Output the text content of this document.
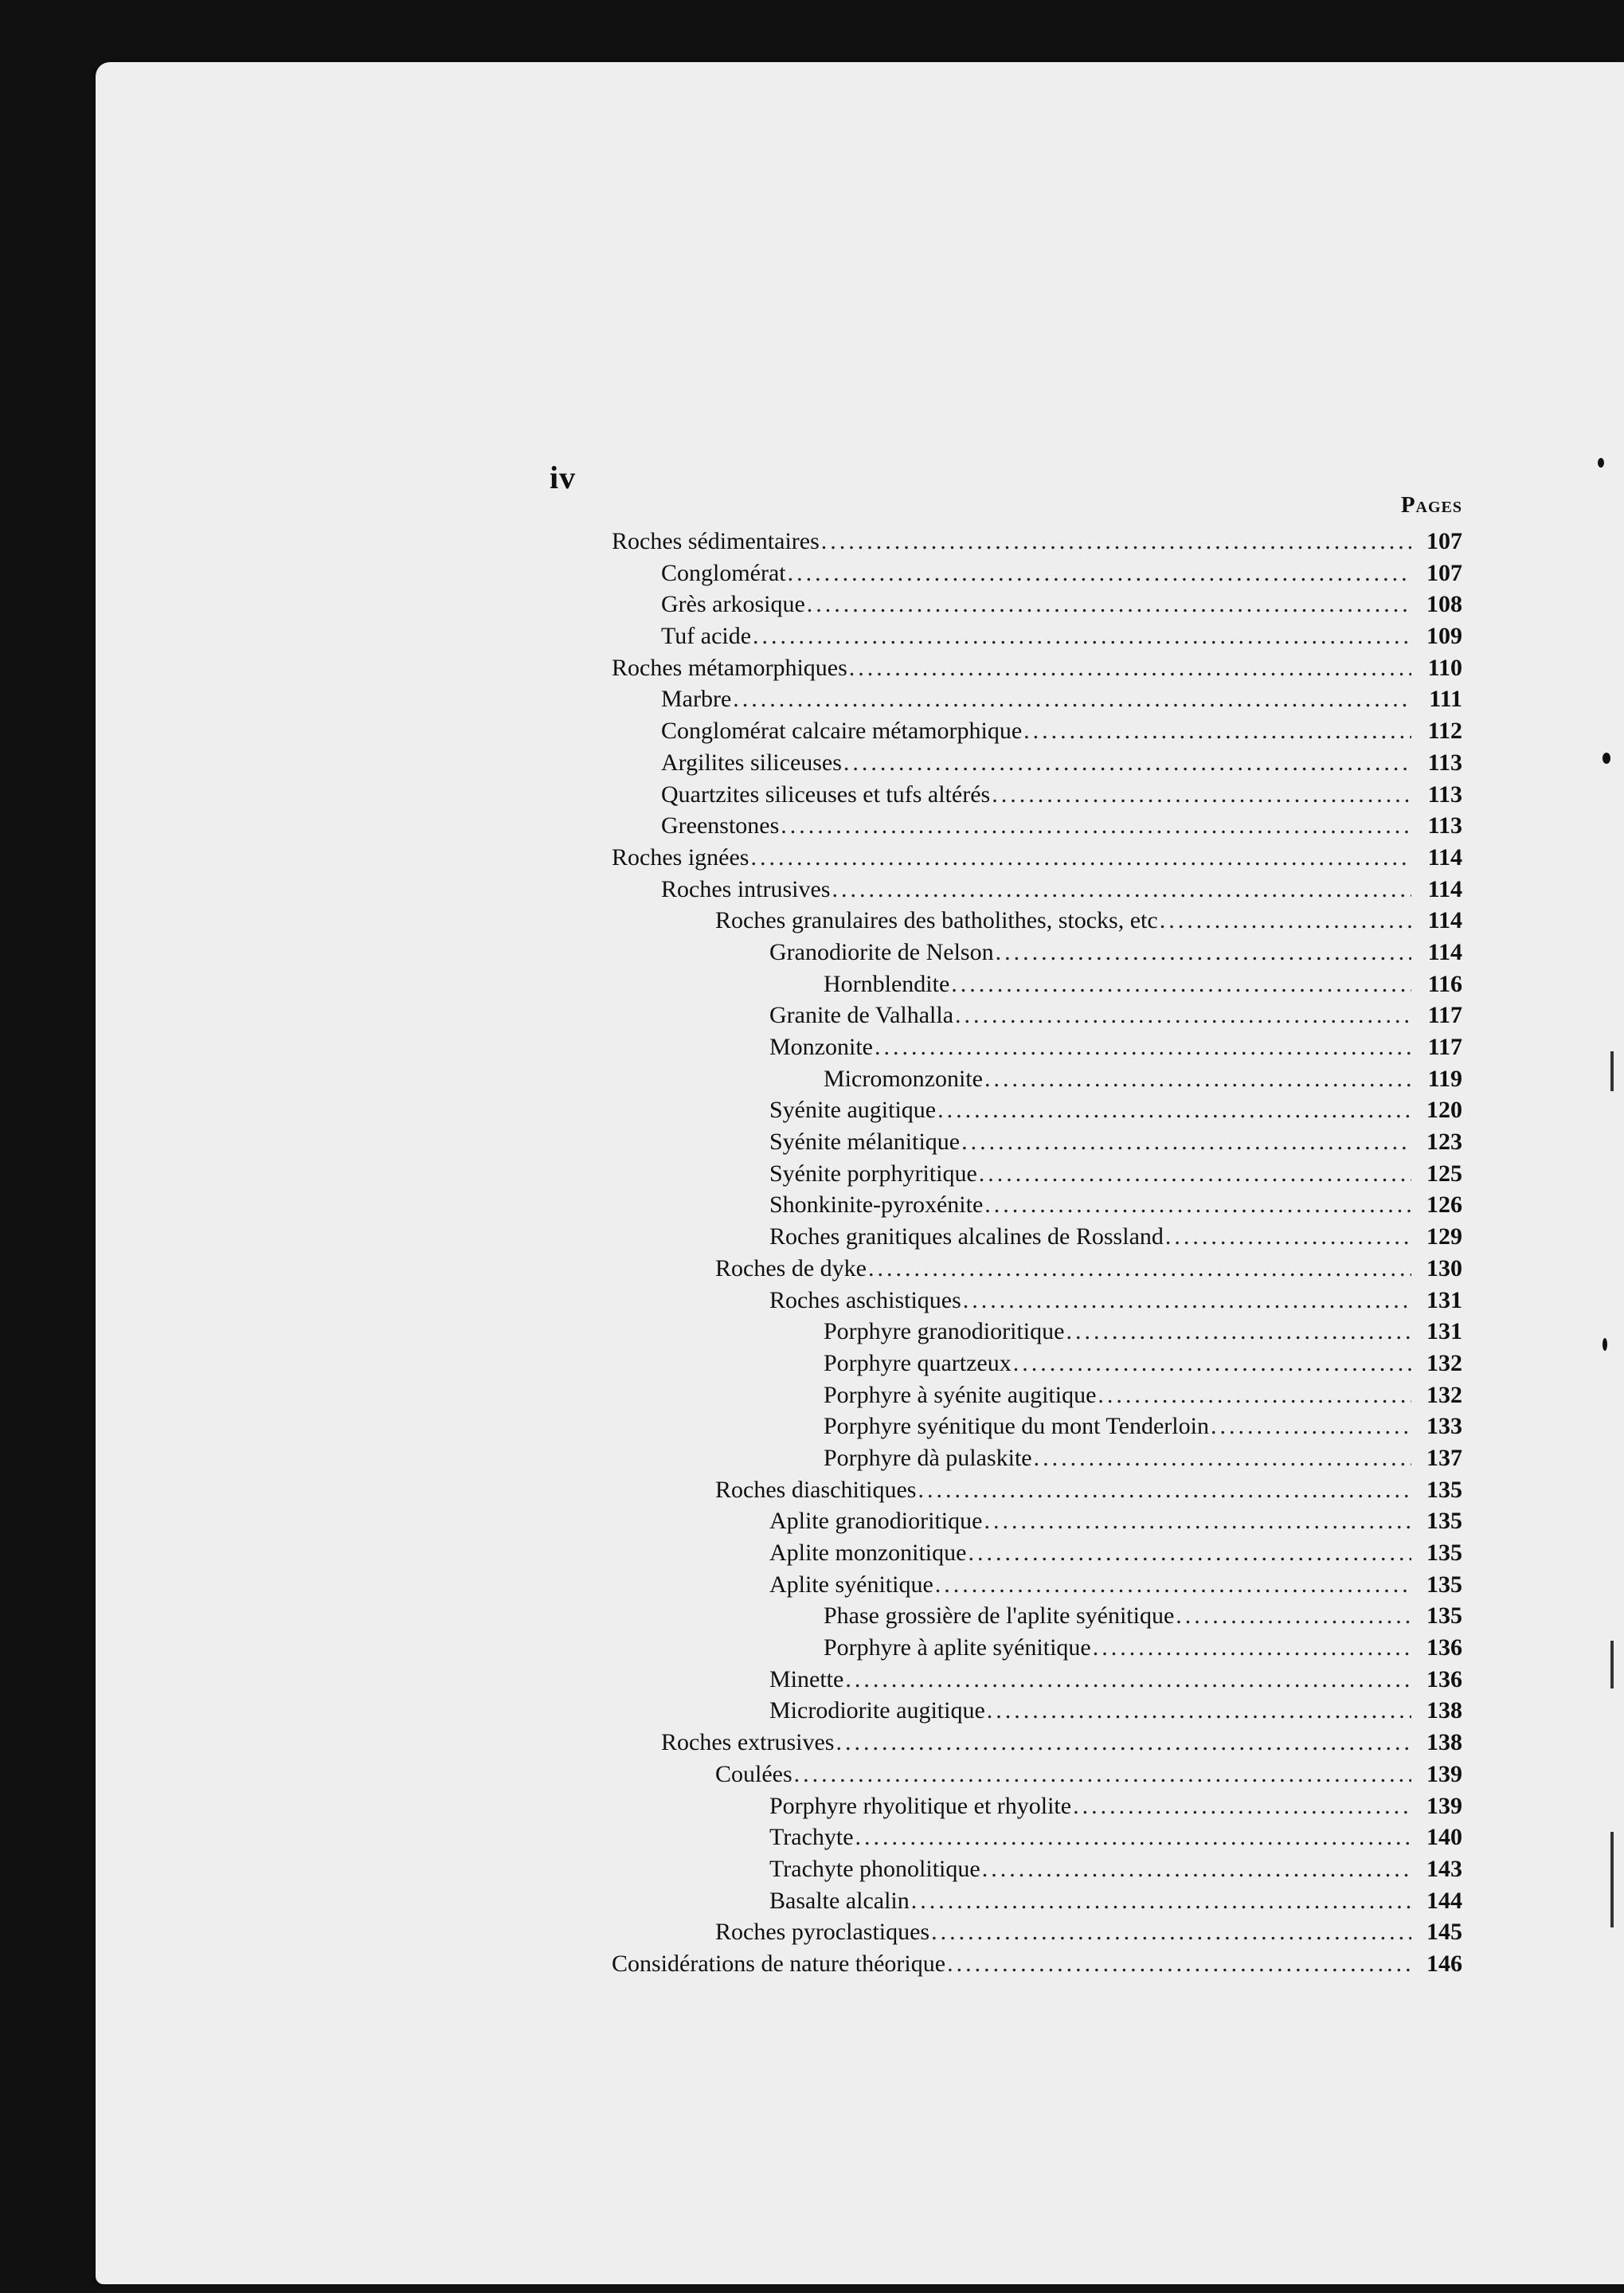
iv
Pages
Roches sédimentaires .....	107
Conglomérat .....	107
Grès arkosique .....	108
Tuf acide .....	109
Roches métamorphiques .....	110
Marbre .....	111
Conglomérat calcaire métamorphique .....	112
Argilites siliceuses .....	113
Quartzites siliceuses et tufs altérés .....	113
Greenstones .....	113
Roches ignées .....	114
Roches intrusives .....	114
Roches granulaires des batholithes, stocks, etc .....	114
Granodiorite de Nelson .....	114
Hornblendite .....	116
Granite de Valhalla .....	117
Monzonite .....	117
Micromonzonite .....	119
Syénite augitique .....	120
Syénite mélanitique .....	123
Syénite porphyritique .....	125
Shonkinite-pyroxénite .....	126
Roches granitiques alcalines de Rossland .....	129
Roches de dyke .....	130
Roches aschistiques .....	131
Porphyre granodioritique .....	131
Porphyre quartzeux .....	132
Porphyre à syénite augitique .....	132
Porphyre syénitique du mont Tenderloin .....	133
Porphyre dà pulaskite .....	137
Roches diaschitiques .....	135
Aplite granodioritique .....	135
Aplite monzonitique .....	135
Aplite syénitique .....	135
Phase grossière de l'aplite syénitique .....	135
Porphyre à aplite syénitique .....	136
Minette .....	136
Microdiorite augitique .....	138
Roches extrusives .....	138
Coulées .....	139
Porphyre rhyolitique et rhyolite .....	139
Trachyte .....	140
Trachyte phonolitique .....	143
Basalte alcalin .....	144
Roches pyroclastiques .....	145
Considérations de nature théorique .....	146
